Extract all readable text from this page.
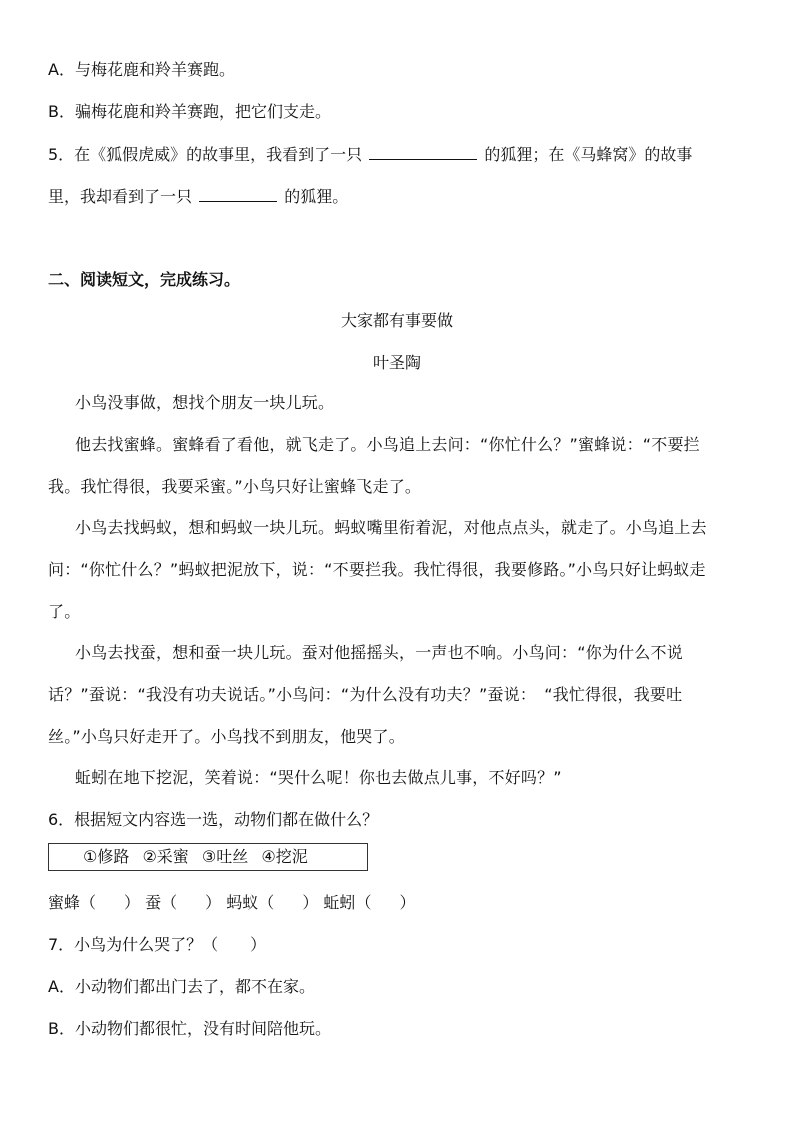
A．与梅花鹿和羚羊赛跑。
B．骗梅花鹿和羚羊赛跑，把它们支走。
5．在《狐假虎威》的故事里，我看到了一只	的狐狸；在《马蜂窝》的故事
里，我却看到了一只	的狐狸。
二、阅读短文，完成练习。
大家都有事要做
叶圣陶
小鸟没事做，想找个朋友一块儿玩。
他去找蜜蜂。蜜蜂看了看他，就飞走了。小鸟追上去问：“你忙什么？”蜜蜂说：“不要拦我。我忙得很，我要采蜜。”小鸟只好让蜜蜂飞走了。
小鸟去找蚂蚁，想和蚂蚁一块儿玩。蚂蚁嘴里衔着泥，对他点点头，就走了。小鸟追上去问：“你忙什么？”蚂蚁把泥放下，说：“不要拦我。我忙得很，我要修路。”小鸟只好让蚂蚁走了。
小鸟去找蚕，想和蚕一块儿玩。蚕对他摇摇头，一声也不响。小鸟问：“你为什么不说话？”蚕说：“我没有功夫说话。”小鸟问：“为什么没有功夫？”蚕说：　“我忙得很，我要吐丝。”小鸟只好走开了。小鸟找不到朋友，他哭了。
蚯蚓在地下挖泥，笑着说：“哭什么呢！你也去做点儿事，不好吗？”
6．根据短文内容选一选，动物们都在做什么？
①修路 ②采蜜 ③吐丝 ④挖泥
蜜蜂（ ） 蚕（ ） 蚂蚁（ ） 蚯蚓（ ）
7．小鸟为什么哭了？（　　）
A．小动物们都出门去了，都不在家。
B．小动物们都很忙，没有时间陪他玩。
